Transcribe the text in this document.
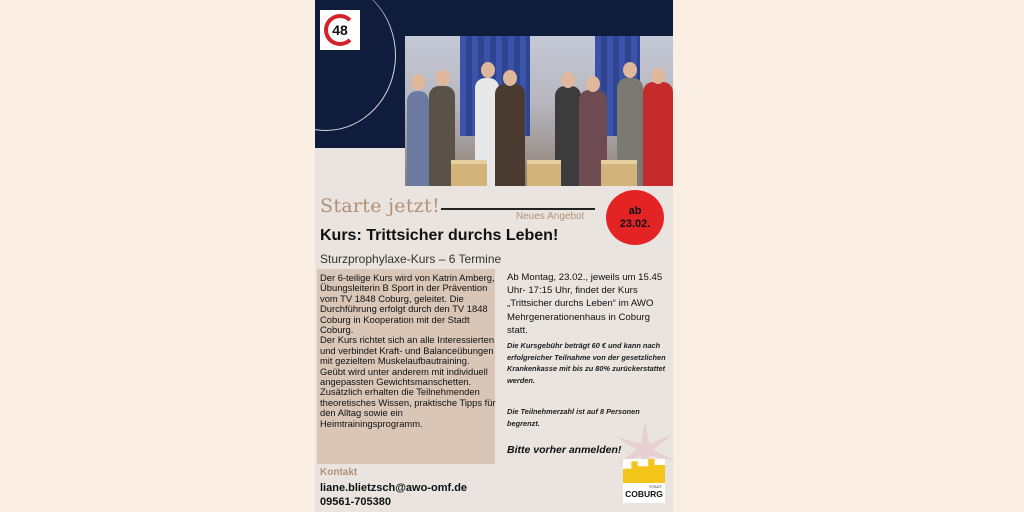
48
Starte jetzt!	Neues Angebot	ab
23.02.
Kurs: Trittsicher durchs Leben!
Sturzprophylaxe-Kurs – 6 Termine
Der 6-teilige Kurs wird von Katrin Amberg, Übungsleiterin B Sport in der Prävention vom TV 1848 Coburg, geleitet. Die Durchführung erfolgt durch den TV 1848 Coburg in Kooperation mit der Stadt Coburg.
Der Kurs richtet sich an alle Interessierten und verbindet Kraft- und Balanceübungen mit gezieltem Muskelaufbautraining. Geübt wird unter anderem mit individuell angepassten Gewichtsmanschetten. Zusätzlich erhalten die Teilnehmenden theoretisches Wissen, praktische Tipps für den Alltag sowie ein Heimtrainingsprogramm.
Kontakt
liane.blietzsch@awo-omf.de
09561-705380
Ab Montag, 23.02., jeweils um 15.45 Uhr- 17:15 Uhr, findet der Kurs „Trittsicher durchs Leben“ im AWO Mehrgenerationenhaus in Coburg statt.
Die Kursgebühr beträgt 60 € und kann nach erfolgreicher Teilnahme von der gesetzlichen Krankenkasse mit bis zu 80% zurückerstattet werden.
Die Teilnehmerzahl ist auf 8 Personen begrenzt.
Bitte vorher anmelden!
STADT
COBURG
